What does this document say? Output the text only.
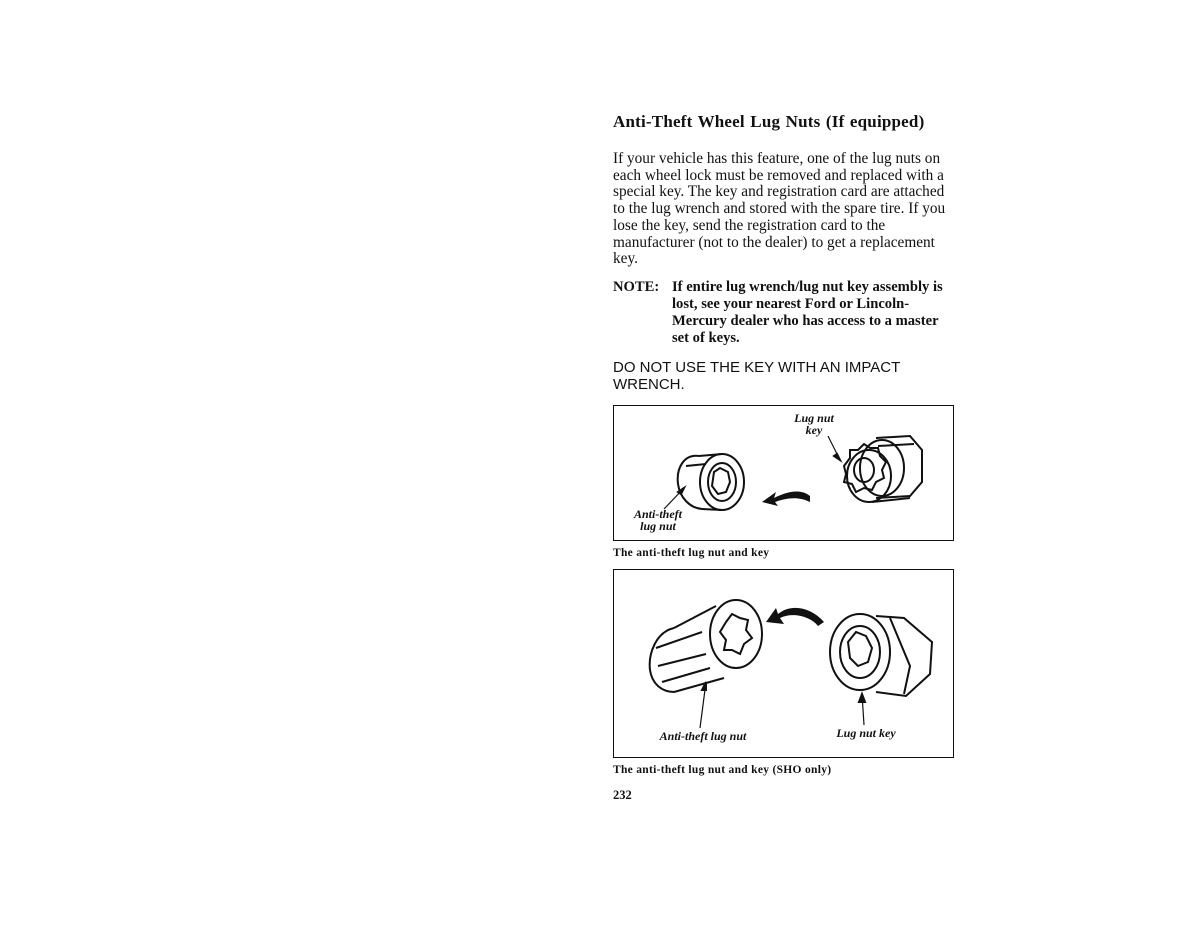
Anti-Theft Wheel Lug Nuts (If equipped)
If your vehicle has this feature, one of the lug nuts on each wheel lock must be removed and replaced with a special key. The key and registration card are attached to the lug wrench and stored with the spare tire. If you lose the key, send the registration card to the manufacturer (not to the dealer) to get a replacement key.
NOTE: If entire lug wrench/lug nut key assembly is lost, see your nearest Ford or Lincoln-Mercury dealer who has access to a master set of keys.
DO NOT USE THE KEY WITH AN IMPACT WRENCH.
Lug nut key
Anti-theft lug nut
The anti-theft lug nut and key
Anti-theft lug nut	Lug nut key
The anti-theft lug nut and key (SHO only)
232
